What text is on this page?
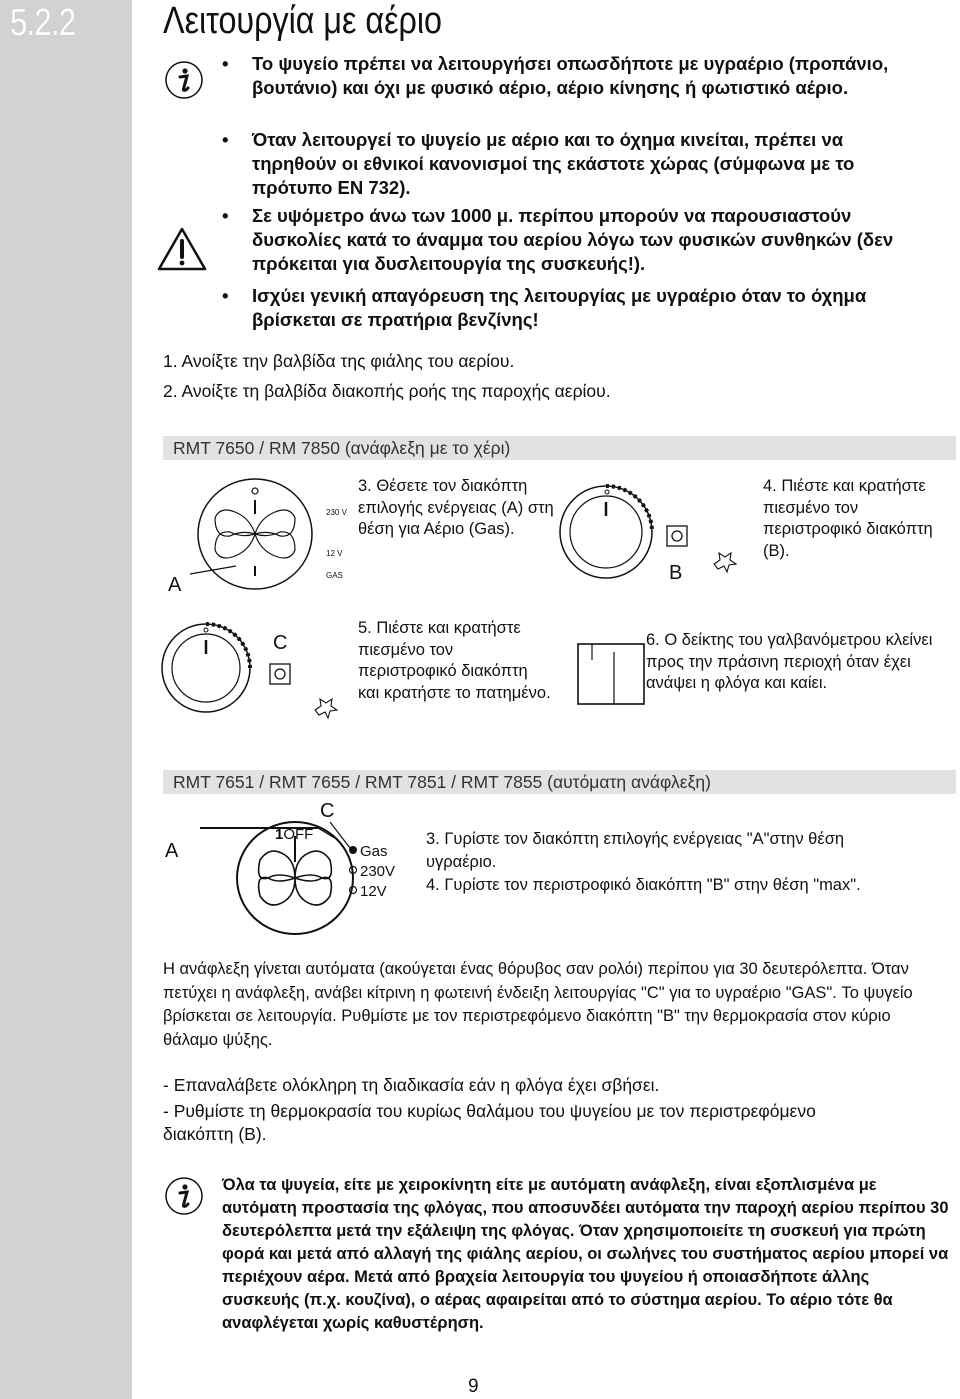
5.2.2 Λειτουργία με αέριο
• Το ψυγείο πρέπει να λειτουργήσει οπωσδήποτε με υγραέριο (προπάνιο, βουτάνιο) και όχι με φυσικό αέριο, αέριο κίνησης ή φωτιστικό αέριο.
• Όταν λειτουργεί το ψυγείο με αέριο και το όχημα κινείται, πρέπει να τηρηθούν οι εθνικοί κανονισμοί της εκάστοτε χώρας (σύμφωνα με το πρότυπο EN 732).
• Σε υψόμετρο άνω των 1000 μ. περίπου μπορούν να παρουσιαστούν δυσκολίες κατά το άναμμα του αερίου λόγω των φυσικών συνθηκών (δεν πρόκειται για δυσλειτουργία της συσκευής!).
• Ισχύει γενική απαγόρευση της λειτουργίας με υγραέριο όταν το όχημα βρίσκεται σε πρατήρια βενζίνης!
1. Ανοίξτε την βαλβίδα της φιάλης του αερίου.
2. Ανοίξτε τη βαλβίδα διακοπής ροής της παροχής αερίου.
RMT 7650 / RM 7850 (ανάφλεξη με το χέρι)
A
230 V
12 V
GAS
3. Θέσετε τον διακόπτη επιλογής ενέργειας (A) στη θέση για Αέριο (Gas).
B
4. Πιέστε και κρατήστε πιεσμένο τον περιστροφικό διακόπτη (B).
C
5. Πιέστε και κρατήστε πιεσμένο τον περιστροφικό διακόπτη και κρατήστε το πατημένο.
6. Ο δείκτης του γαλβανόμετρου κλείνει προς την πράσινη περιοχή όταν έχει ανάψει η φλόγα και καίει.
RMT 7651 / RMT 7655 / RMT 7851 / RMT 7855 (αυτόματη ανάφλεξη)
A
C
1OFF
Gas
230V
12V
3. Γυρίστε τον διακόπτη επιλογής ενέργειας "A"στην θέση υγραέριο.
4. Γυρίστε τον περιστροφικό διακόπτη "B" στην θέση "max".
Η ανάφλεξη γίνεται αυτόματα (ακούγεται ένας θόρυβος σαν ρολόι) περίπου για 30 δευτερόλεπτα. Όταν πετύχει η ανάφλεξη, ανάβει κίτρινη η φωτεινή ένδειξη λειτουργίας "C" για το υγραέριο "GAS". Το ψυγείο βρίσκεται σε λειτουργία. Ρυθμίστε με τον περιστρεφόμενο διακόπτη "B" την θερμοκρασία στον κύριο θάλαμο ψύξης.
- Επαναλάβετε ολόκληρη τη διαδικασία εάν η φλόγα έχει σβήσει.
- Ρυθμίστε τη θερμοκρασία του κυρίως θαλάμου του ψυγείου με τον περιστρεφόμενο διακόπτη (B).
Όλα τα ψυγεία, είτε με χειροκίνητη είτε με αυτόματη ανάφλεξη, είναι εξοπλισμένα με αυτόματη προστασία της φλόγας, που αποσυνδέει αυτόματα την παροχή αερίου περίπου 30 δευτερόλεπτα μετά την εξάλειψη της φλόγας. Όταν χρησιμοποιείτε τη συσκευή για πρώτη φορά και μετά από αλλαγή της φιάλης αερίου, οι σωλήνες του συστήματος αερίου μπορεί να περιέχουν αέρα. Μετά από βραχεία λειτουργία του ψυγείου ή οποιασδήποτε άλλης συσκευής (π.χ. κουζίνα), ο αέρας αφαιρείται από το σύστημα αερίου. Το αέριο τότε θα αναφλέγεται χωρίς καθυστέρηση.
9
